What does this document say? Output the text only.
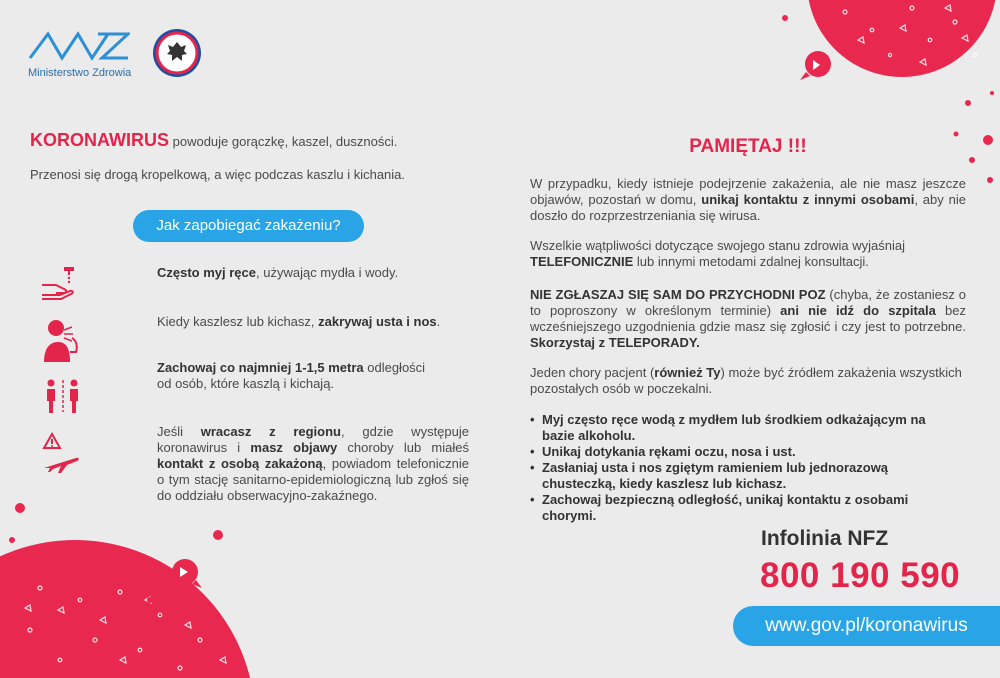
Ministerstwo Zdrowia
KORONAWIRUS powoduje gorączkę, kaszel, duszności.
Przenosi się drogą kropelkową, a więc podczas kaszlu i kichania.
Jak zapobiegać zakażeniu?
Często myj ręce, używając mydła i wody.
Kiedy kaszlesz lub kichasz, zakrywaj usta i nos.
Zachowaj co najmniej 1-1,5 metra odległości
od osób, które kaszlą i kichają.
Jeśli wracasz z regionu, gdzie występuje koronawirus i masz objawy choroby lub miałeś kontakt z osobą zakażoną, powiadom telefonicznie o tym stację sanitarno-epidemiologiczną lub zgłoś się do oddziału obserwacyjno-zakaźnego.
PAMIĘTAJ !!!
W przypadku, kiedy istnieje podejrzenie zakażenia, ale nie masz jeszcze objawów, pozostań w domu, unikaj kontaktu z innymi osobami, aby nie doszło do rozprzestrzeniania się wirusa.
Wszelkie wątpliwości dotyczące swojego stanu zdrowia wyjaśniaj TELEFONICZNIE lub innymi metodami zdalnej konsultacji.
NIE ZGŁASZAJ SIĘ SAM DO PRZYCHODNI POZ (chyba, że zostaniesz o to poproszony w określonym terminie) ani nie idź do szpitala bez wcześniejszego uzgodnienia gdzie masz się zgłosić i czy jest to potrzebne. Skorzystaj z TELEPORADY.
Jeden chory pacjent (również Ty) może być źródłem zakażenia wszystkich pozostałych osób w poczekalni.
• Myj często ręce wodą z mydłem lub środkiem odkażającym na bazie alkoholu.
• Unikaj dotykania rękami oczu, nosa i ust.
• Zasłaniaj usta i nos zgiętym ramieniem lub jednorazową chusteczką, kiedy kaszlesz lub kichasz.
• Zachowaj bezpieczną odległość, unikaj kontaktu z osobami chorymi.
Infolinia NFZ
800 190 590
www.gov.pl/koronawirus
